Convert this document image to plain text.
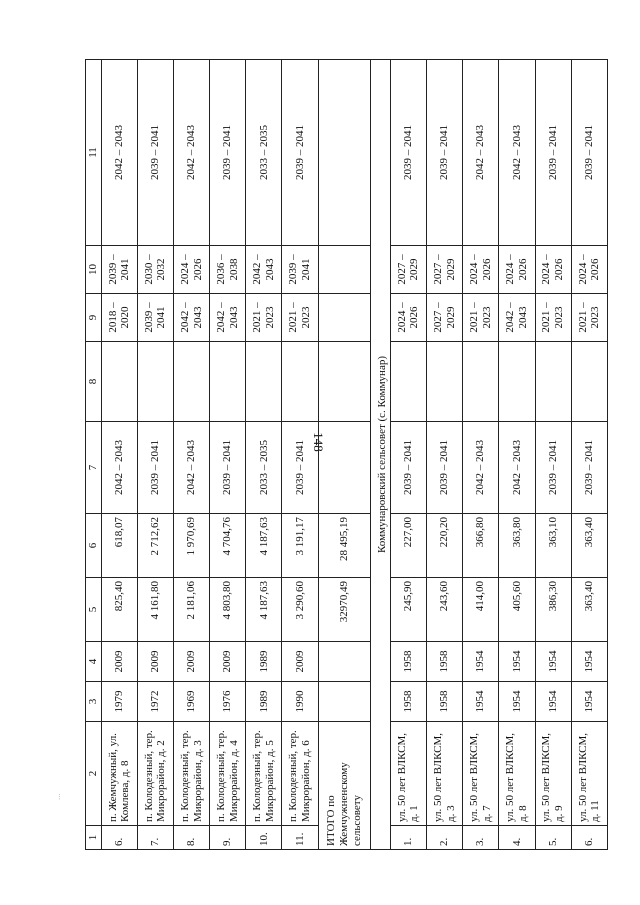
148
1	2	3	4	5	6	7	8	9	10	11
6.	п. Жемчужный, ул. Комлева, д. 8	1979	2009	825,40	618,07	2042 – 2043		2018 – 2020	2039 – 2041	2042 – 2043
7.	п. Колодезный, тер. Микрорайон, д. 2	1972	2009	4 161,80	2 712,62	2039 – 2041		2039 – 2041	2030 – 2032	2039 – 2041
8.	п. Колодезный, тер. Микрорайон, д. 3	1969	2009	2 181,06	1 970,69	2042 – 2043		2042 – 2043	2024 – 2026	2042 – 2043
9.	п. Колодезный, тер. Микрорайон, д. 4	1976	2009	4 803,80	4 704,76	2039 – 2041		2042 – 2043	2036 – 2038	2039 – 2041
10.	п. Колодезный, тер. Микрорайон, д. 5	1989	1989	4 187,63	4 187,63	2033 – 2035		2021 – 2023	2042 – 2043	2033 – 2035
11.	п. Колодезный, тер. Микрорайон, д. 6	1990	2009	3 290,60	3 191,17	2039 – 2041		2021 – 2023	2039 – 2041	2039 – 2041
ИТОГО по Жемчужненскому сельсовету				32970,49	28 495,19					
Коммунаровский сельсовет (с. Коммунар)										
1.	ул. 50 лет ВЛКСМ, д. 1	1958	1958	245,90	227,00	2039 – 2041		2024 – 2026	2027 – 2029	2039 – 2041
2.	ул. 50 лет ВЛКСМ, д. 3	1958	1958	243,60	220,20	2039 – 2041		2027 – 2029	2027 – 2029	2039 – 2041
3.	ул. 50 лет ВЛКСМ, д. 7	1954	1954	414,00	366,80	2042 – 2043		2021 – 2023	2024 – 2026	2042 – 2043
4.	ул. 50 лет ВЛКСМ, д. 8	1954	1954	405,60	363,80	2042 – 2043		2042 – 2043	2024 – 2026	2042 – 2043
5.	ул. 50 лет ВЛКСМ, д. 9	1954	1954	386,30	363,10	2039 – 2041		2021 – 2023	2024 – 2026	2039 – 2041
6.	ул. 50 лет ВЛКСМ, д. 11	1954	1954	363,40	363,40	2039 – 2041		2021 – 2023	2024 – 2026	2039 – 2041
...
